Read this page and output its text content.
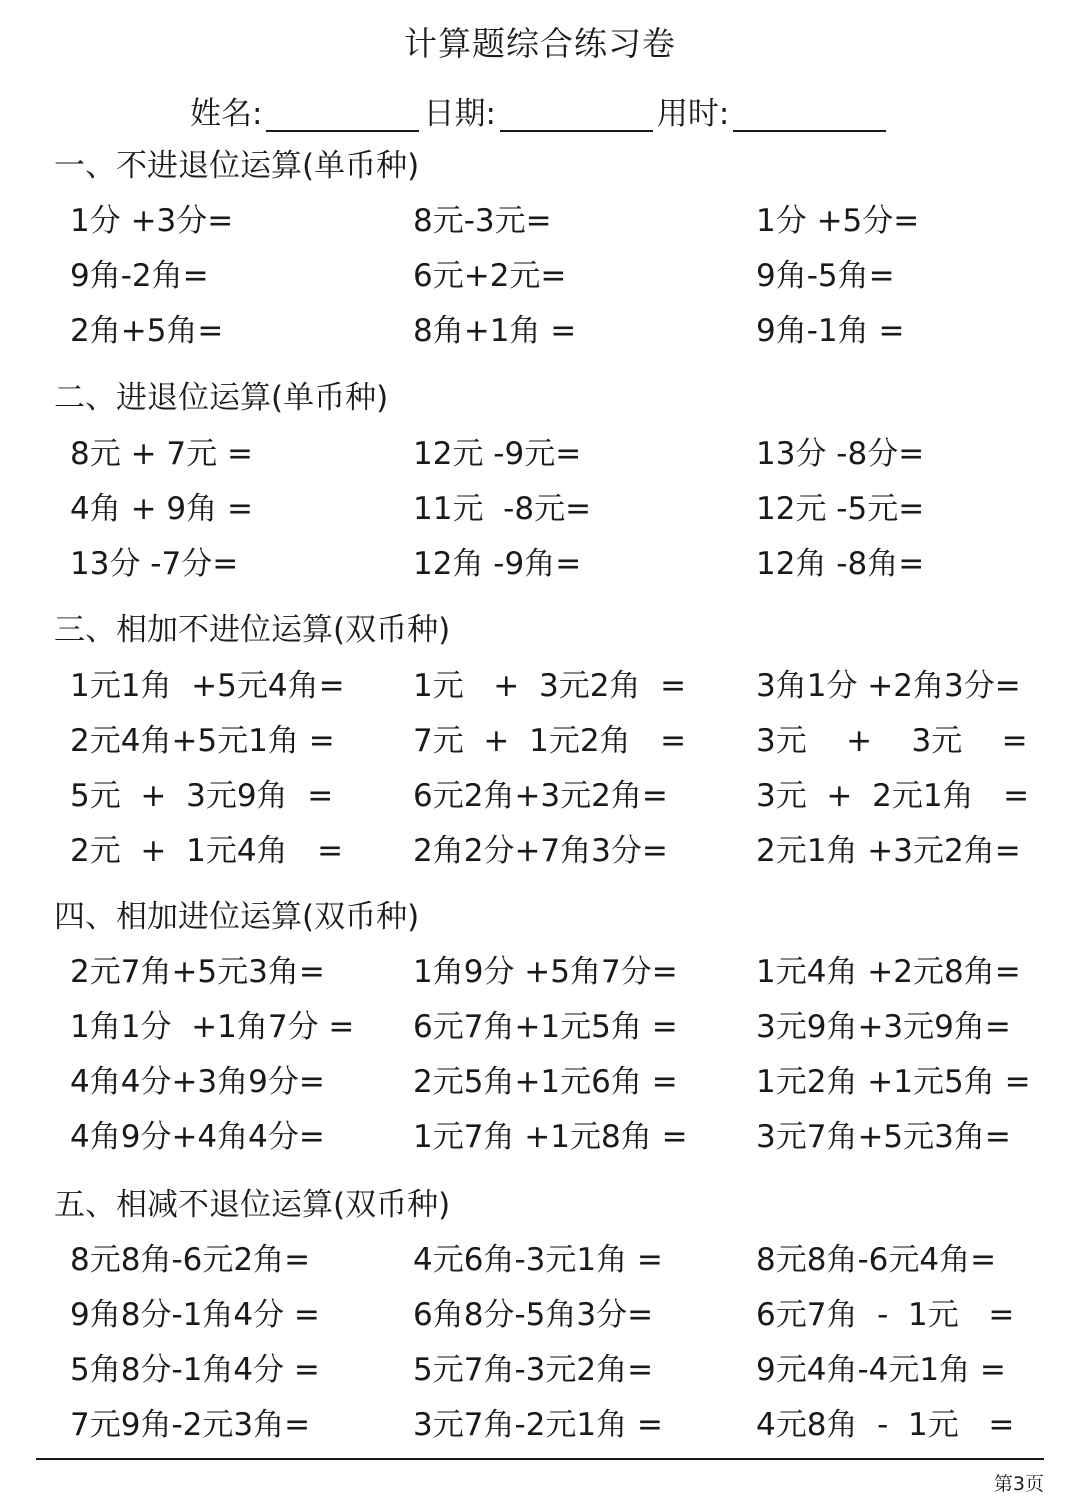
计算题综合练习卷
姓名:	日期:	用时:
一、不进退位运算(单币种)
1分 +3分=	8元-3元=	1分 +5分=
9角-2角=	6元+2元=	9角-5角=
2角+5角=	8角+1角 =	9角-1角 =
二、进退位运算(单币种)
8元 + 7元 =	12元 -9元=	13分 -8分=
4角 + 9角 =	11元  -8元=	12元 -5元=
13分 -7分=	12角 -9角=	12角 -8角=
三、相加不进位运算(双币种)
1元1角  +5元4角= 1元   +  3元2角  = 3角1分 +2角3分=
2元4角+5元1角 =	7元  +  1元2角   = 3元    +    3元    =
5元  +  3元9角  =	6元2角+3元2角=	3元  +  2元1角   =
2元  +  1元4角   = 2角2分+7角3分=	2元1角 +3元2角=
四、相加进位运算(双币种)
2元7角+5元3角=	1角9分 +5角7分=	1元4角 +2元8角=
1角1分  +1角7分 = 6元7角+1元5角 =	3元9角+3元9角=
4角4分+3角9分=	2元5角+1元6角 =	1元2角 +1元5角 =
4角9分+4角4分=	1元7角 +1元8角 = 3元7角+5元3角=
五、相减不退位运算(双币种)
8元8角-6元2角=	4元6角-3元1角 =	8元8角-6元4角=
9角8分-1角4分 =	6角8分-5角3分=	6元7角  -  1元   =
5角8分-1角4分 =	5元7角-3元2角=	9元4角-4元1角 =
7元9角-2元3角=	3元7角-2元1角 =	4元8角  -  1元   =
第3页
